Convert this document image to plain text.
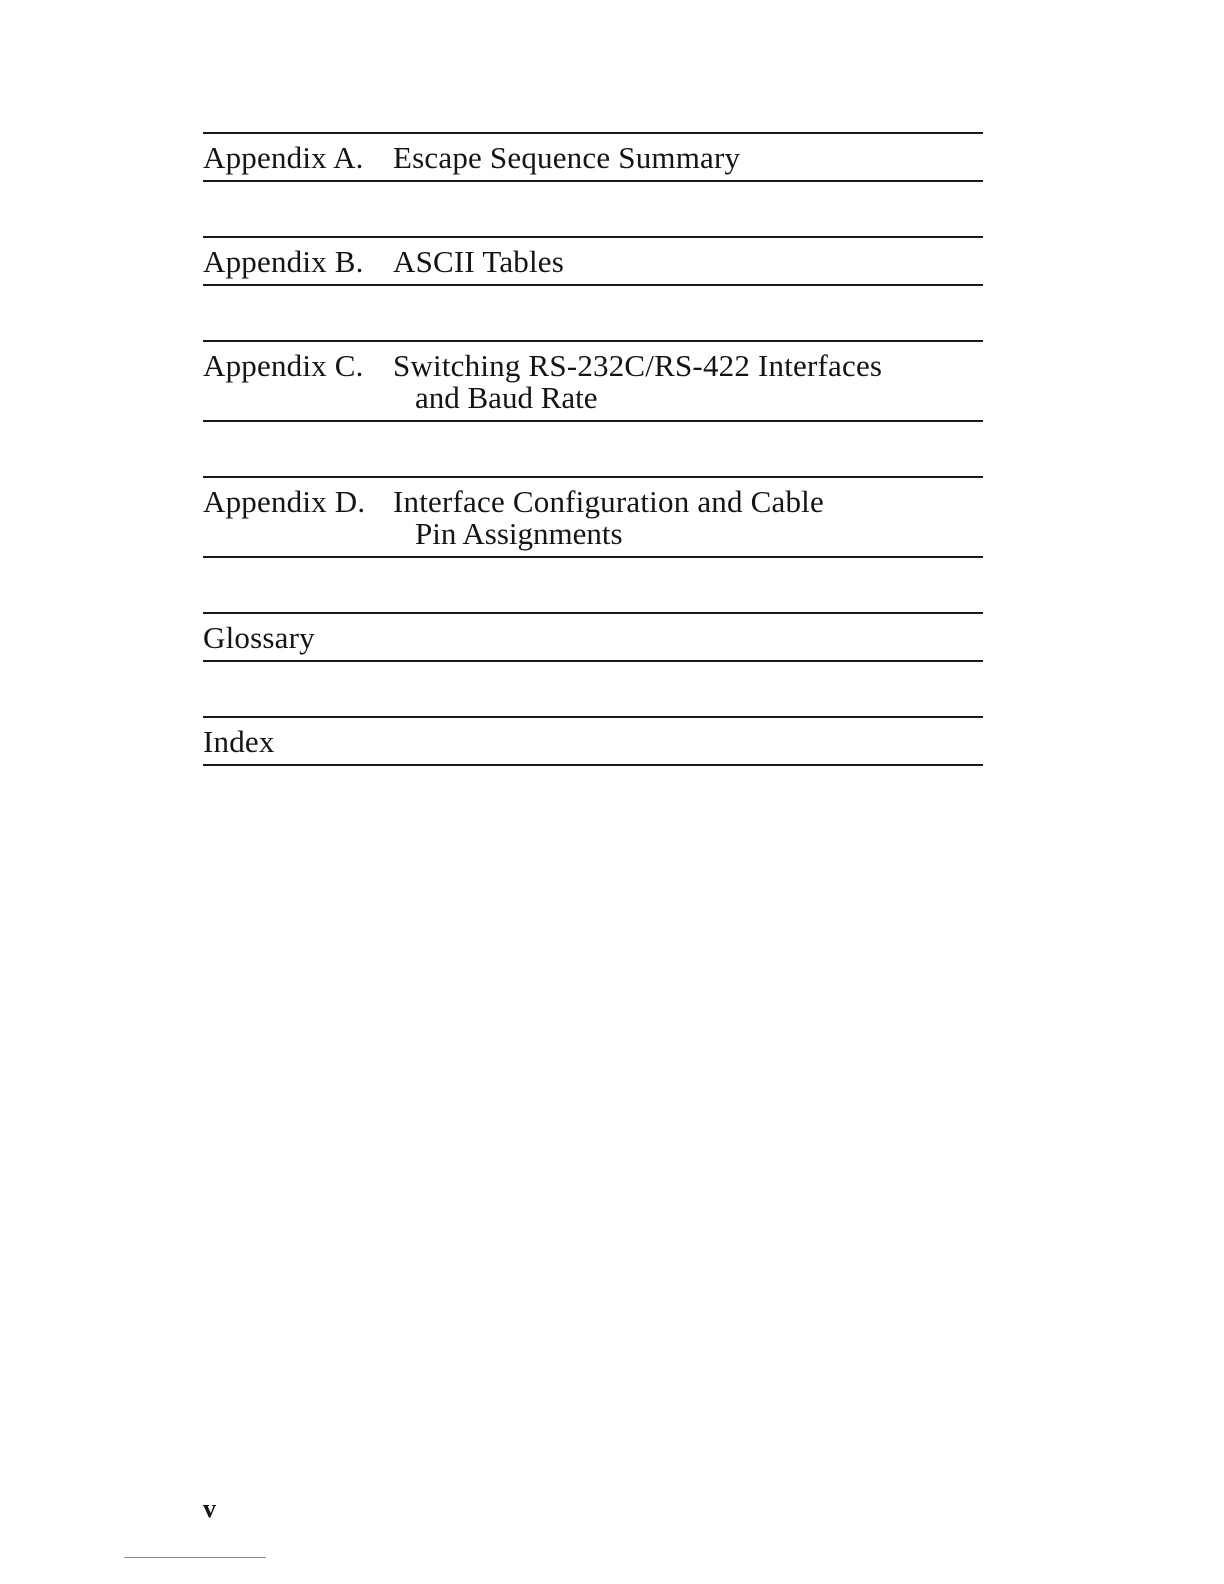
Appendix A. Escape Sequence Summary
Appendix B. ASCII Tables
Appendix C. Switching RS-232C/RS-422 Interfaces
and Baud Rate
Appendix D. Interface Configuration and Cable
Pin Assignments
Glossary
Index
v
